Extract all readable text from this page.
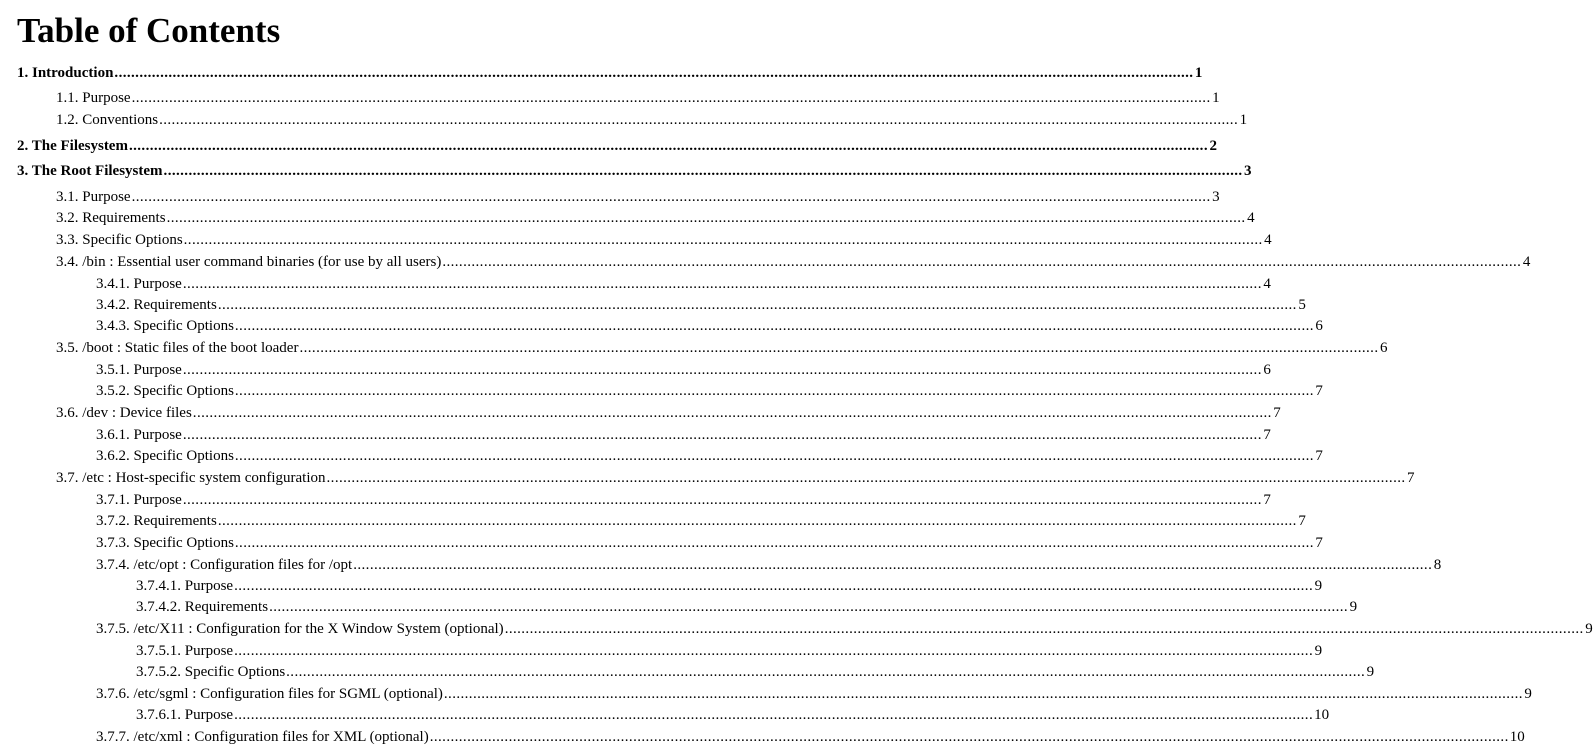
Table of Contents
1. Introduction .................................................................................................................................................................................................................................................................... 1
1.1. Purpose .................................................................................................................................................................................................................................................................... 1
1.2. Conventions .................................................................................................................................................................................................................................................................... 1
2. The Filesystem .................................................................................................................................................................................................................................................................... 2
3. The Root Filesystem .................................................................................................................................................................................................................................................................... 3
3.1. Purpose .................................................................................................................................................................................................................................................................... 3
3.2. Requirements .................................................................................................................................................................................................................................................................... 4
3.3. Specific Options .................................................................................................................................................................................................................................................................... 4
3.4. /bin : Essential user command binaries (for use by all users) .................................................................................................................................................................................................................................................................... 4
3.4.1. Purpose .................................................................................................................................................................................................................................................................... 4
3.4.2. Requirements .................................................................................................................................................................................................................................................................... 5
3.4.3. Specific Options .................................................................................................................................................................................................................................................................... 6
3.5. /boot : Static files of the boot loader .................................................................................................................................................................................................................................................................... 6
3.5.1. Purpose .................................................................................................................................................................................................................................................................... 6
3.5.2. Specific Options .................................................................................................................................................................................................................................................................... 7
3.6. /dev : Device files .................................................................................................................................................................................................................................................................... 7
3.6.1. Purpose .................................................................................................................................................................................................................................................................... 7
3.6.2. Specific Options .................................................................................................................................................................................................................................................................... 7
3.7. /etc : Host-specific system configuration .................................................................................................................................................................................................................................................................... 7
3.7.1. Purpose .................................................................................................................................................................................................................................................................... 7
3.7.2. Requirements .................................................................................................................................................................................................................................................................... 7
3.7.3. Specific Options .................................................................................................................................................................................................................................................................... 7
3.7.4. /etc/opt : Configuration files for /opt .................................................................................................................................................................................................................................................................... 8
3.7.4.1. Purpose .................................................................................................................................................................................................................................................................... 9
3.7.4.2. Requirements .................................................................................................................................................................................................................................................................... 9
3.7.5. /etc/X11 : Configuration for the X Window System (optional) .................................................................................................................................................................................................................................................................... 9
3.7.5.1. Purpose .................................................................................................................................................................................................................................................................... 9
3.7.5.2. Specific Options .................................................................................................................................................................................................................................................................... 9
3.7.6. /etc/sgml : Configuration files for SGML (optional) .................................................................................................................................................................................................................................................................... 9
3.7.6.1. Purpose .................................................................................................................................................................................................................................................................... 10
3.7.7. /etc/xml : Configuration files for XML (optional) .................................................................................................................................................................................................................................................................... 10
